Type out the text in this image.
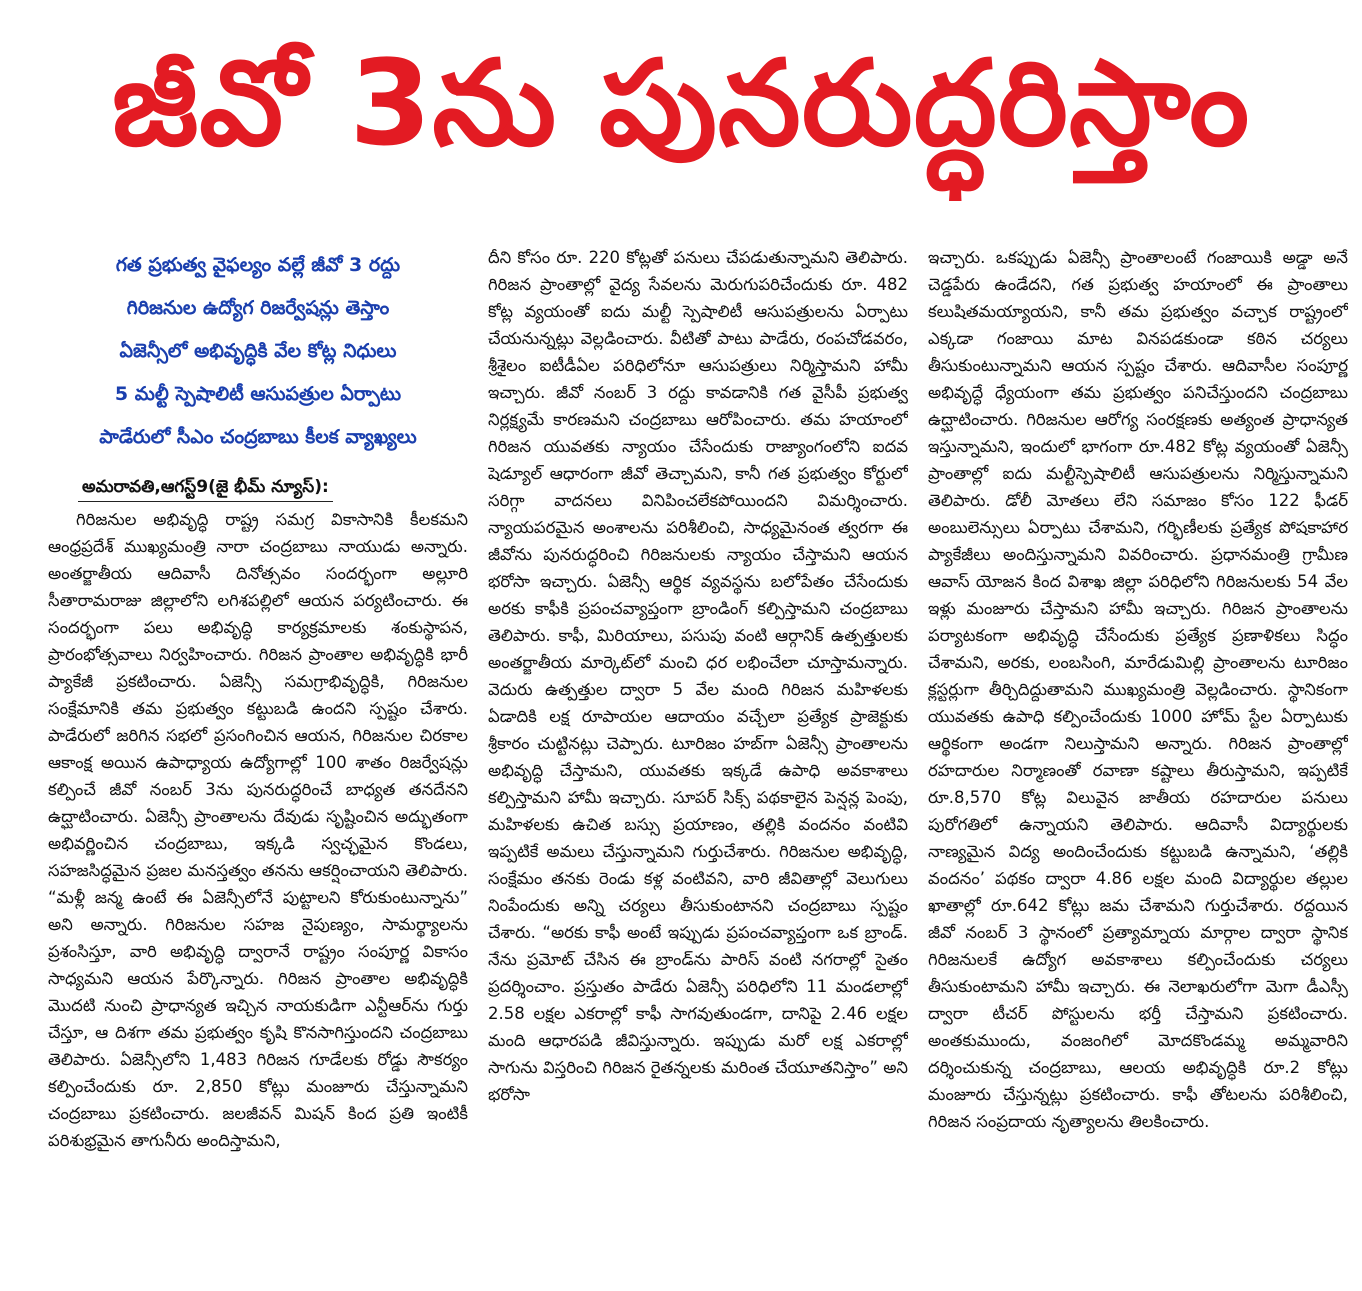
జీవో 3ను పునరుద్ధరిస్తాం
గత ప్రభుత్వ వైఫల్యం వల్లే జీవో 3 రద్దు
గిరిజనుల ఉద్యోగ రిజర్వేషన్లు తెస్తాం
ఏజెన్సీలో అభివృద్ధికి వేల కోట్ల నిధులు
5 మల్టీ స్పెషాలిటీ ఆసుపత్రుల ఏర్పాటు
పాడేరులో సీఎం చంద్రబాబు కీలక వ్యాఖ్యలు
అమరావతి,ఆగస్ట్9(జై భీమ్ న్యూస్):

గిరిజనుల అభివృద్ధి రాష్ట్ర సమగ్ర వికాసానికి కీలకమని ఆంధ్రప్రదేశ్ ముఖ్యమంత్రి నారా చంద్రబాబు నాయుడు అన్నారు. అంతర్జాతీయ ఆదివాసీ దినోత్సవం సందర్భంగా అల్లూరి సీతారామరాజు జిల్లాలోని లగిశపల్లిలో ఆయన పర్యటించారు. ఈ సందర్భంగా పలు అభివృద్ధి కార్యక్రమాలకు శంకుస్థాపన, ప్రారంభోత్సవాలు నిర్వహించారు. గిరిజన ప్రాంతాల అభివృద్ధికి భారీ ప్యాకేజీ ప్రకటించారు. ఏజెన్సీ సమగ్రాభివృద్ధికి, గిరిజనుల సంక్షేమానికి తమ ప్రభుత్వం కట్టుబడి ఉందని స్పష్టం చేశారు. పాడేరులో జరిగిన సభలో ప్రసంగించిన ఆయన, గిరిజనుల చిరకాల ఆకాంక్ష అయిన ఉపాధ్యాయ ఉద్యోగాల్లో 100 శాతం రిజర్వేషన్లు కల్పించే జీవో నంబర్ 3ను పునరుద్ధరించే బాధ్యత తనదేనని ఉద్ఘాటించారు. ఏజెన్సీ ప్రాంతాలను దేవుడు సృష్టించిన అద్భుతంగా అభివర్ణించిన చంద్రబాబు, ఇక్కడి స్వచ్ఛమైన కొండలు, సహజసిద్ధమైన ప్రజల మనస్తత్వం తనను ఆకర్షించాయని తెలిపారు. “మళ్లీ జన్మ ఉంటే ఈ ఏజెన్సీలోనే పుట్టాలని కోరుకుంటున్నాను” అని అన్నారు. గిరిజనుల సహజ నైపుణ్యం, సామర్థ్యాలను ప్రశంసిస్తూ, వారి అభివృద్ధి ద్వారానే రాష్ట్రం సంపూర్ణ వికాసం సాధ్యమని ఆయన పేర్కొన్నారు. గిరిజన ప్రాంతాల అభివృద్ధికి మొదటి నుంచి ప్రాధాన్యత ఇచ్చిన నాయకుడిగా ఎన్టీఆర్‌ను గుర్తు చేస్తూ, ఆ దిశగా తమ ప్రభుత్వం కృషి కొనసాగిస్తుందని చంద్రబాబు తెలిపారు. ఏజెన్సీలోని 1,483 గిరిజన గూడేలకు రోడ్డు సౌకర్యం కల్పించేందుకు రూ. 2,850 కోట్లు మంజూరు చేస్తున్నామని చంద్రబాబు ప్రకటించారు. జలజీవన్ మిషన్ కింద ప్రతి ఇంటికీ పరిశుభ్రమైన తాగునీరు అందిస్తామని,

దీని కోసం రూ. 220 కోట్లతో పనులు చేపడుతున్నామని తెలిపారు. గిరిజన ప్రాంతాల్లో వైద్య సేవలను మెరుగుపరిచేందుకు రూ. 482 కోట్ల వ్యయంతో ఐదు మల్టీ స్పెషాలిటీ ఆసుపత్రులను ఏర్పాటు చేయనున్నట్లు వెల్లడించారు. వీటితో పాటు పాడేరు, రంపచోడవరం, శ్రీశైలం ఐటీడీఏల పరిధిలోనూ ఆసుపత్రులు నిర్మిస్తామని హామీ ఇచ్చారు. జీవో నంబర్ 3 రద్దు కావడానికి గత వైసీపీ ప్రభుత్వ నిర్లక్ష్యమే కారణమని చంద్రబాబు ఆరోపించారు. తమ హయాంలో గిరిజన యువతకు న్యాయం చేసేందుకు రాజ్యాంగంలోని ఐదవ షెడ్యూల్ ఆధారంగా జీవో తెచ్చామని, కానీ గత ప్రభుత్వం కోర్టులో సరిగ్గా వాదనలు వినిపించలేకపోయిందని విమర్శించారు. న్యాయపరమైన అంశాలను పరిశీలించి, సాధ్యమైనంత త్వరగా ఈ జీవోను పునరుద్ధరించి గిరిజనులకు న్యాయం చేస్తామని ఆయన భరోసా ఇచ్చారు. ఏజెన్సీ ఆర్థిక వ్యవస్థను బలోపేతం చేసేందుకు అరకు కాఫీకి ప్రపంచవ్యాప్తంగా బ్రాండింగ్ కల్పిస్తామని చంద్రబాబు తెలిపారు. కాఫీ, మిరియాలు, పసుపు వంటి ఆర్గానిక్ ఉత్పత్తులకు అంతర్జాతీయ మార్కెట్‌లో మంచి ధర లభించేలా చూస్తామన్నారు. వెదురు ఉత్పత్తుల ద్వారా 5 వేల మంది గిరిజన మహిళలకు ఏడాదికి లక్ష రూపాయల ఆదాయం వచ్చేలా ప్రత్యేక ప్రాజెక్టుకు శ్రీకారం చుట్టినట్లు చెప్పారు. టూరిజం హబ్‌గా ఏజెన్సీ ప్రాంతాలను అభివృద్ధి చేస్తామని, యువతకు ఇక్కడే ఉపాధి అవకాశాలు కల్పిస్తామని హామీ ఇచ్చారు. సూపర్ సిక్స్ పథకాలైన పెన్షన్ల పెంపు, మహిళలకు ఉచిత బస్సు ప్రయాణం, తల్లికి వందనం వంటివి ఇప్పటికే అమలు చేస్తున్నామని గుర్తుచేశారు. గిరిజనుల అభివృద్ధి, సంక్షేమం తనకు రెండు కళ్ల వంటివని, వారి జీవితాల్లో వెలుగులు నింపేందుకు అన్ని చర్యలు తీసుకుంటానని చంద్రబాబు స్పష్టం చేశారు. “అరకు కాఫీ అంటే ఇప్పుడు ప్రపంచవ్యాప్తంగా ఒక బ్రాండ్. నేను ప్రమోట్ చేసిన ఈ బ్రాండ్‌ను పారిస్ వంటి నగరాల్లో సైతం ప్రదర్శించాం. ప్రస్తుతం పాడేరు ఏజెన్సీ పరిధిలోని 11 మండలాల్లో 2.58 లక్షల ఎకరాల్లో కాఫీ సాగవుతుండగా, దానిపై 2.46 లక్షల మంది ఆధారపడి జీవిస్తున్నారు. ఇప్పుడు మరో లక్ష ఎకరాల్లో సాగును విస్తరించి గిరిజన రైతన్నలకు మరింత చేయూతనిస్తాం” అని భరోసా

ఇచ్చారు. ఒకప్పుడు ఏజెన్సీ ప్రాంతాలంటే గంజాయికి అడ్డా అనే చెడ్డపేరు ఉండేదని, గత ప్రభుత్వ హయాంలో ఈ ప్రాంతాలు కలుషితమయ్యాయని, కానీ తమ ప్రభుత్వం వచ్చాక రాష్ట్రంలో ఎక్కడా గంజాయి మాట వినపడకుండా కఠిన చర్యలు తీసుకుంటున్నామని ఆయన స్పష్టం చేశారు. ఆదివాసీల సంపూర్ణ అభివృద్ధే ధ్యేయంగా తమ ప్రభుత్వం పనిచేస్తుందని చంద్రబాబు ఉద్ఘాటించారు. గిరిజనుల ఆరోగ్య సంరక్షణకు అత్యంత ప్రాధాన్యత ఇస్తున్నామని, ఇందులో భాగంగా రూ.482 కోట్ల వ్యయంతో ఏజెన్సీ ప్రాంతాల్లో ఐదు మల్టీస్పెషాలిటీ ఆసుపత్రులను నిర్మిస్తున్నామని తెలిపారు. డోలీ మోతలు లేని సమాజం కోసం 122 ఫీడర్ అంబులెన్సులు ఏర్పాటు చేశామని, గర్భిణీలకు ప్రత్యేక పోషకాహార ప్యాకేజీలు అందిస్తున్నామని వివరించారు. ప్రధానమంత్రి గ్రామీణ ఆవాస్ యోజన కింద విశాఖ జిల్లా పరిధిలోని గిరిజనులకు 54 వేల ఇళ్లు మంజూరు చేస్తామని హామీ ఇచ్చారు. గిరిజన ప్రాంతాలను పర్యాటకంగా అభివృద్ధి చేసేందుకు ప్రత్యేక ప్రణాళికలు సిద్ధం చేశామని, అరకు, లంబసింగి, మారేడుమిల్లి ప్రాంతాలను టూరిజం క్లస్టర్లుగా తీర్చిదిద్దుతామని ముఖ్యమంత్రి వెల్లడించారు. స్థానికంగా యువతకు ఉపాధి కల్పించేందుకు 1000 హోమ్ స్టేల ఏర్పాటుకు ఆర్థికంగా అండగా నిలుస్తామని అన్నారు. గిరిజన ప్రాంతాల్లో రహదారుల నిర్మాణంతో రవాణా కష్టాలు తీరుస్తామని, ఇప్పటికే రూ.8,570 కోట్ల విలువైన జాతీయ రహదారుల పనులు పురోగతిలో ఉన్నాయని తెలిపారు. ఆదివాసీ విద్యార్థులకు నాణ్యమైన విద్య అందించేందుకు కట్టుబడి ఉన్నామని, ‘తల్లికి వందనం’ పథకం ద్వారా 4.86 లక్షల మంది విద్యార్థుల తల్లుల ఖాతాల్లో రూ.642 కోట్లు జమ చేశామని గుర్తుచేశారు. రద్దయిన జీవో నంబర్ 3 స్థానంలో ప్రత్యామ్నాయ మార్గాల ద్వారా స్థానిక గిరిజనులకే ఉద్యోగ అవకాశాలు కల్పించేందుకు చర్యలు తీసుకుంటామని హామీ ఇచ్చారు. ఈ నెలాఖరులోగా మెగా డీఎస్సీ ద్వారా టీచర్ పోస్టులను భర్తీ చేస్తామని ప్రకటించారు. అంతకుముందు, వంజంగిలో మోదకొండమ్మ అమ్మవారిని దర్శించుకున్న చంద్రబాబు, ఆలయ అభివృద్ధికి రూ.2 కోట్లు మంజూరు చేస్తున్నట్లు ప్రకటించారు. కాఫీ తోటలను పరిశీలించి, గిరిజన సంప్రదాయ నృత్యాలను తిలకించారు.
